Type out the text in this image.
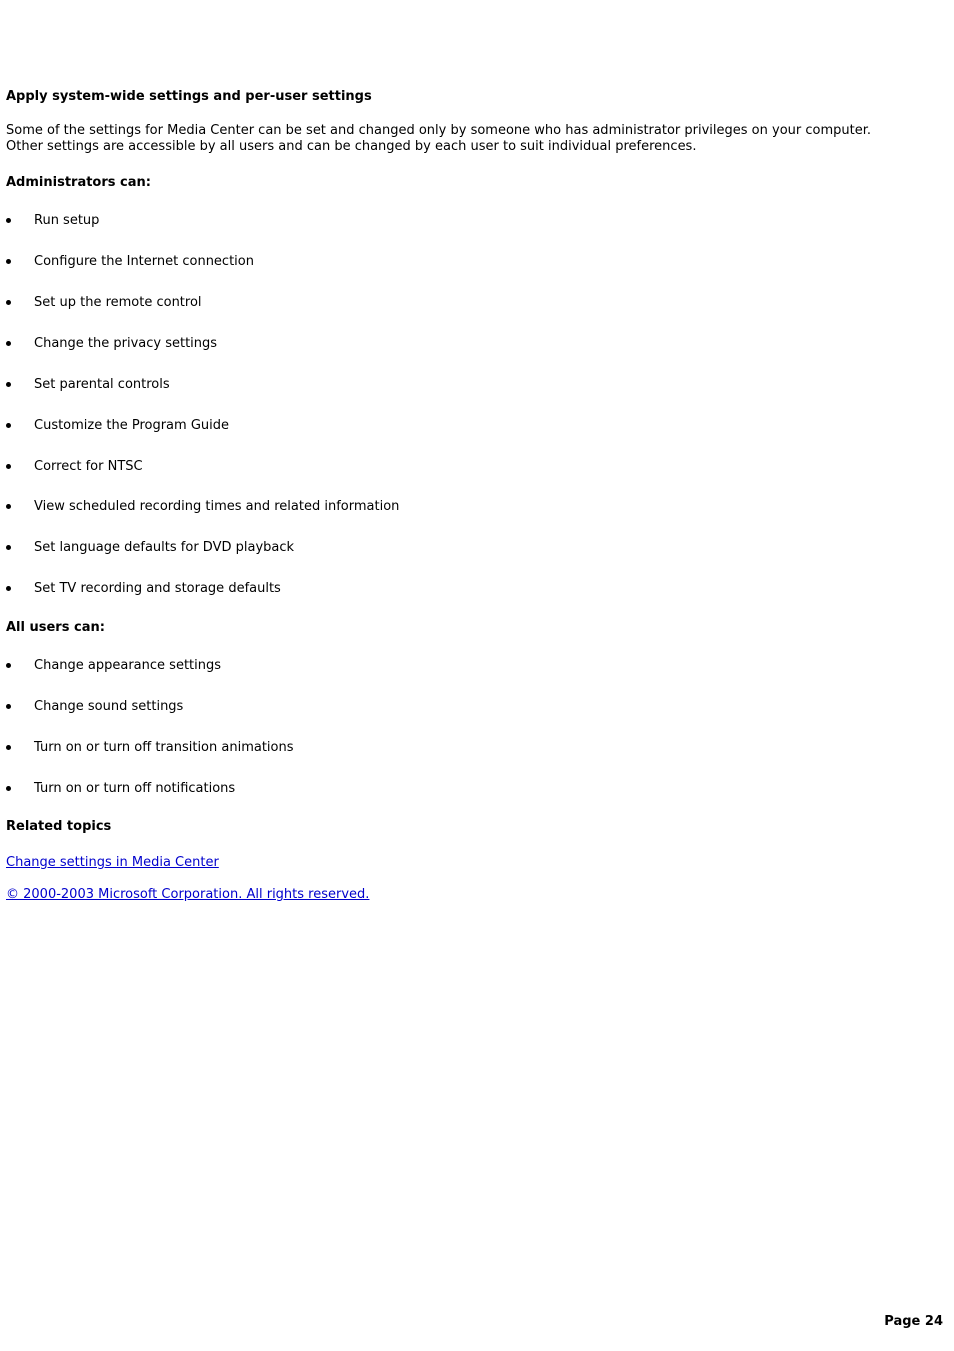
Apply system-wide settings and per-user settings
Some of the settings for Media Center can be set and changed only by someone who has administrator privileges on your computer.
Other settings are accessible by all users and can be changed by each user to suit individual preferences.
Administrators can:
Run setup
Configure the Internet connection
Set up the remote control
Change the privacy settings
Set parental controls
Customize the Program Guide
Correct for NTSC
View scheduled recording times and related information
Set language defaults for DVD playback
Set TV recording and storage defaults
All users can:
Change appearance settings
Change sound settings
Turn on or turn off transition animations
Turn on or turn off notifications
Related topics
Change settings in Media Center
© 2000-2003 Microsoft Corporation. All rights reserved.
Page 24
